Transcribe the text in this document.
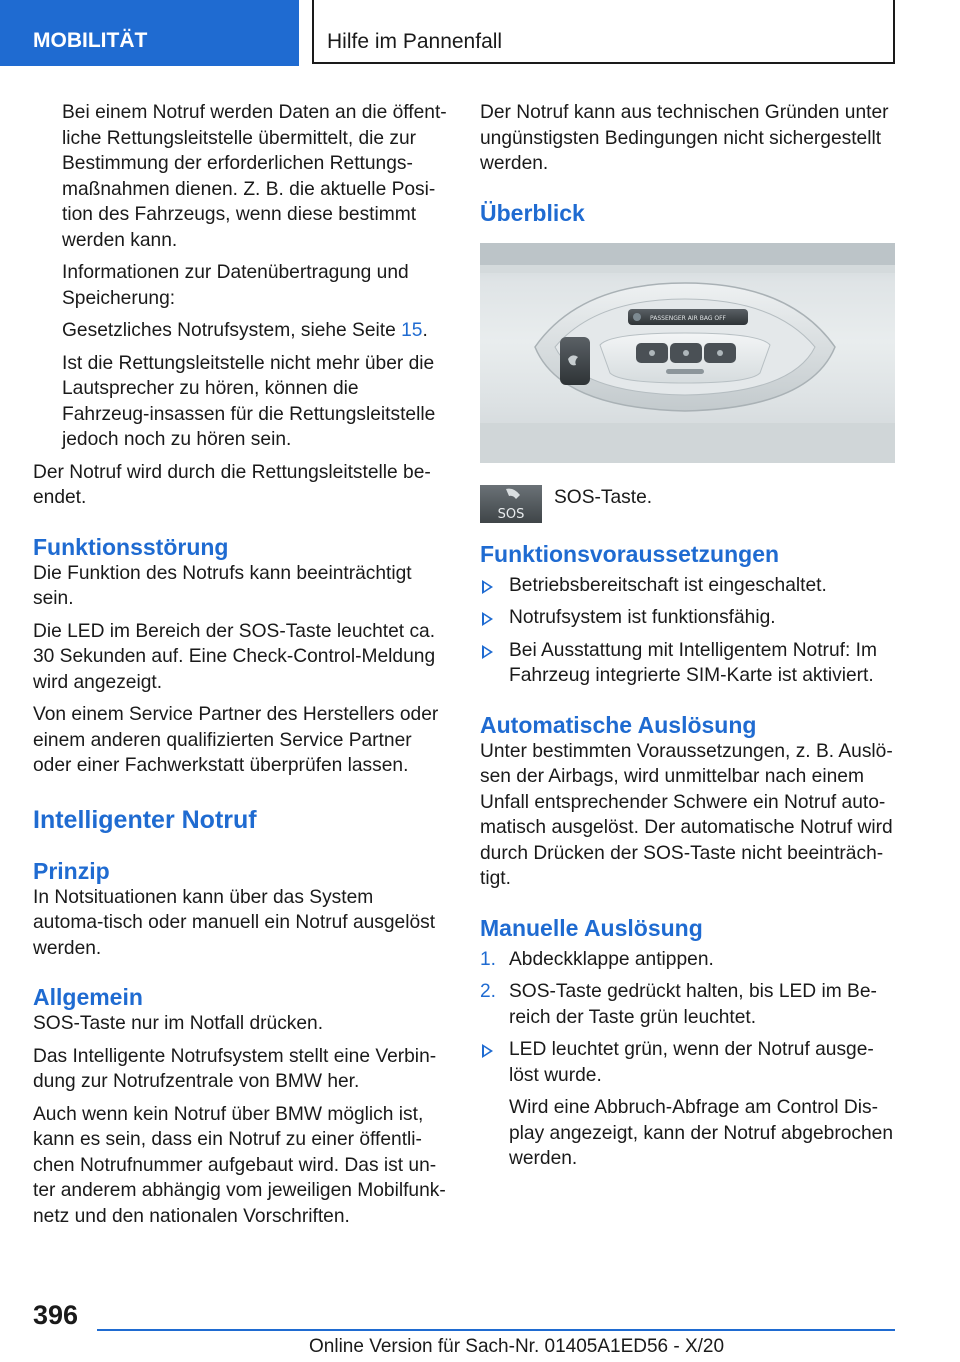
MOBILITÄT	Hilfe im Pannenfall

Bei einem Notruf werden Daten an die öffent-liche Rettungsleitstelle übermittelt, die zur Bestimmung der erforderlichen Rettungs-maßnahmen dienen. Z. B. die aktuelle Posi-tion des Fahrzeugs, wenn diese bestimmt werden kann.

Informationen zur Datenübertragung und Speicherung:

Gesetzliches Notrufsystem, siehe Seite 15.

Ist die Rettungsleitstelle nicht mehr über die Lautsprecher zu hören, können die Fahrzeug-insassen für die Rettungsleitstelle jedoch noch zu hören sein.

Der Notruf wird durch die Rettungsleitstelle be-endet.

Funktionsstörung

Die Funktion des Notrufs kann beeinträchtigt sein.

Die LED im Bereich der SOS-Taste leuchtet ca. 30 Sekunden auf. Eine Check-Control-Meldung wird angezeigt.

Von einem Service Partner des Herstellers oder einem anderen qualifizierten Service Partner oder einer Fachwerkstatt überprüfen lassen.

Intelligenter Notruf
Prinzip

In Notsituationen kann über das System automa-tisch oder manuell ein Notruf ausgelöst werden.

Allgemein

SOS-Taste nur im Notfall drücken.

Das Intelligente Notrufsystem stellt eine Verbin-dung zur Notrufzentrale von BMW her.

Auch wenn kein Notruf über BMW möglich ist, kann es sein, dass ein Notruf zu einer öffentli-chen Notrufnummer aufgebaut wird. Das ist un-ter anderem abhängig vom jeweiligen Mobilfunk-netz und den nationalen Vorschriften.

Der Notruf kann aus technischen Gründen unter ungünstigsten Bedingungen nicht sichergestellt werden.

Überblick
PASSENGER AIR BAG OFF
SOS

SOS-Taste.

Funktionsvoraussetzungen
Betriebsbereitschaft ist eingeschaltet.
Notrufsystem ist funktionsfähig.
Bei Ausstattung mit Intelligentem Notruf: Im Fahrzeug integrierte SIM-Karte ist aktiviert.
Automatische Auslösung

Unter bestimmten Voraussetzungen, z. B. Auslö-sen der Airbags, wird unmittelbar nach einem Unfall entsprechender Schwere ein Notruf auto-matisch ausgelöst. Der automatische Notruf wird durch Drücken der SOS-Taste nicht beeinträch-tigt.

Manuelle Auslösung
1. Abdeckklappe antippen.
2. SOS-Taste gedrückt halten, bis LED im Be-reich der Taste grün leuchtet.
LED leuchtet grün, wenn der Notruf ausge-löst wurde.

Wird eine Abbruch-Abfrage am Control Dis-play angezeigt, kann der Notruf abgebrochen werden.

396
Online Version für Sach-Nr. 01405A1ED56 - X/20
